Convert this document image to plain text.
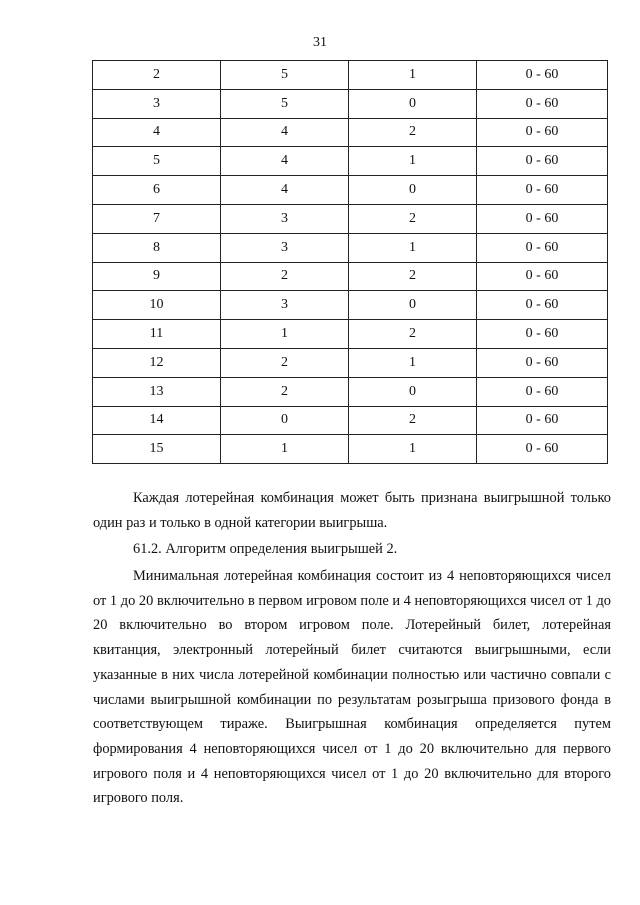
31
2	5	1	0 - 60
3	5	0	0 - 60
4	4	2	0 - 60
5	4	1	0 - 60
6	4	0	0 - 60
7	3	2	0 - 60
8	3	1	0 - 60
9	2	2	0 - 60
10	3	0	0 - 60
11	1	2	0 - 60
12	2	1	0 - 60
13	2	0	0 - 60
14	0	2	0 - 60
15	1	1	0 - 60

Каждая лотерейная комбинация может быть признана выигрышной только один раз и только в одной категории выигрыша.

61.2. Алгоритм определения выигрышей 2.

Минимальная лотерейная комбинация состоит из 4 неповторяющихся чисел от 1 до 20 включительно в первом игровом поле и 4 неповторяющихся чисел от 1 до 20 включительно во втором игровом поле. Лотерейный билет, лотерейная квитанция, электронный лотерейный билет считаются выигрышными, если указанные в них числа лотерейной комбинации полностью или частично совпали с числами выигрышной комбинации по результатам розыгрыша призового фонда в соответствующем тираже. Выигрышная комбинация определяется путем формирования 4 неповторяющихся чисел от 1 до 20 включительно для первого игрового поля и 4 неповторяющихся чисел от 1 до 20 включительно для второго игрового поля.
